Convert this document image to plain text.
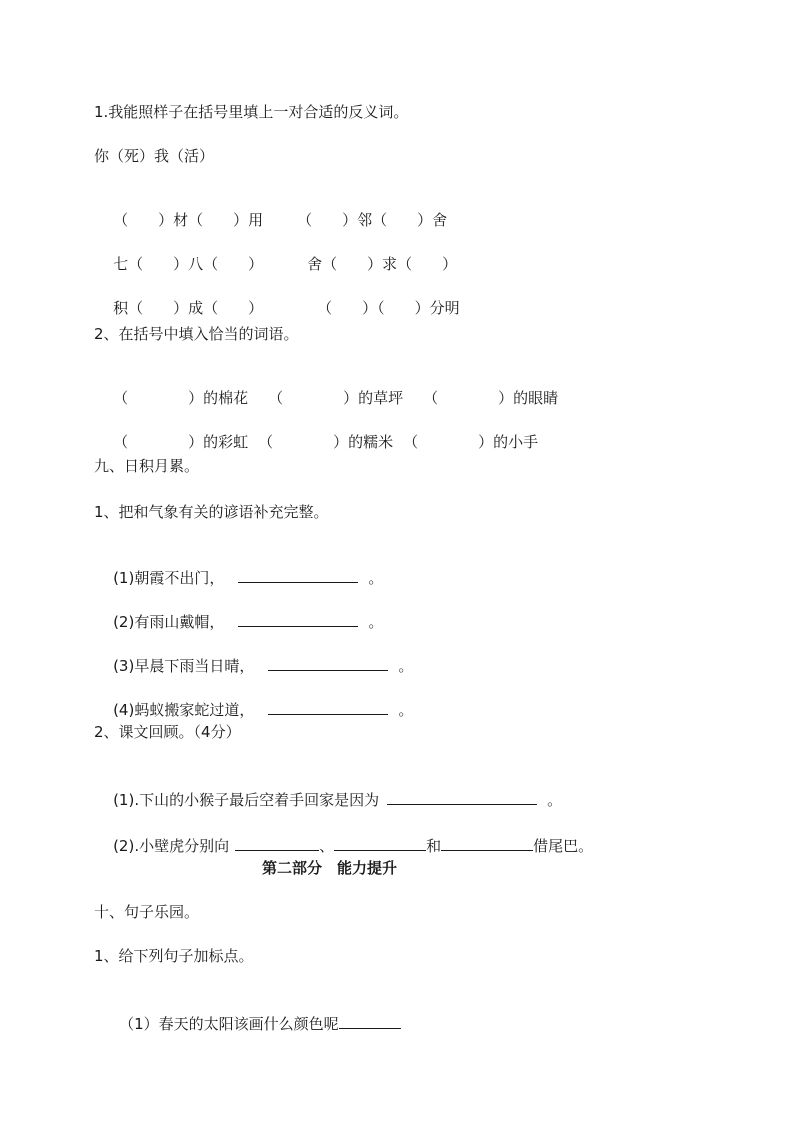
1.我能照样子在括号里填上一对合适的反义词。
你（死）我（活）

（　　）材（　　）用 （　　）邻（　　）舍

七（　　）八（　　）	舍（　　）求（　　）

积（　　）成（　　）	（　　）（　　）分明

2、在括号中填入恰当的词语。

（　　　　）的棉花 （　　　　）的草坪 （　　　　）的眼睛

（　　　　）的彩虹 （　　　　）的糯米 （　　　　）的小手

九、日积月累。
1、把和气象有关的谚语补充完整。

(1)朝霞不出门，	。

(2)有雨山戴帽，	。

(3)早晨下雨当日晴，	。

(4)蚂蚁搬家蛇过道，	。

2、课文回顾。（4分）

(1).下山的小猴子最后空着手回家是因为	。

(2).小壁虎分别向	、	和	借尾巴。

第二部分　能力提升
十、句子乐园。
1、给下列句子加标点。

（1）春天的太阳该画什么颜色呢
